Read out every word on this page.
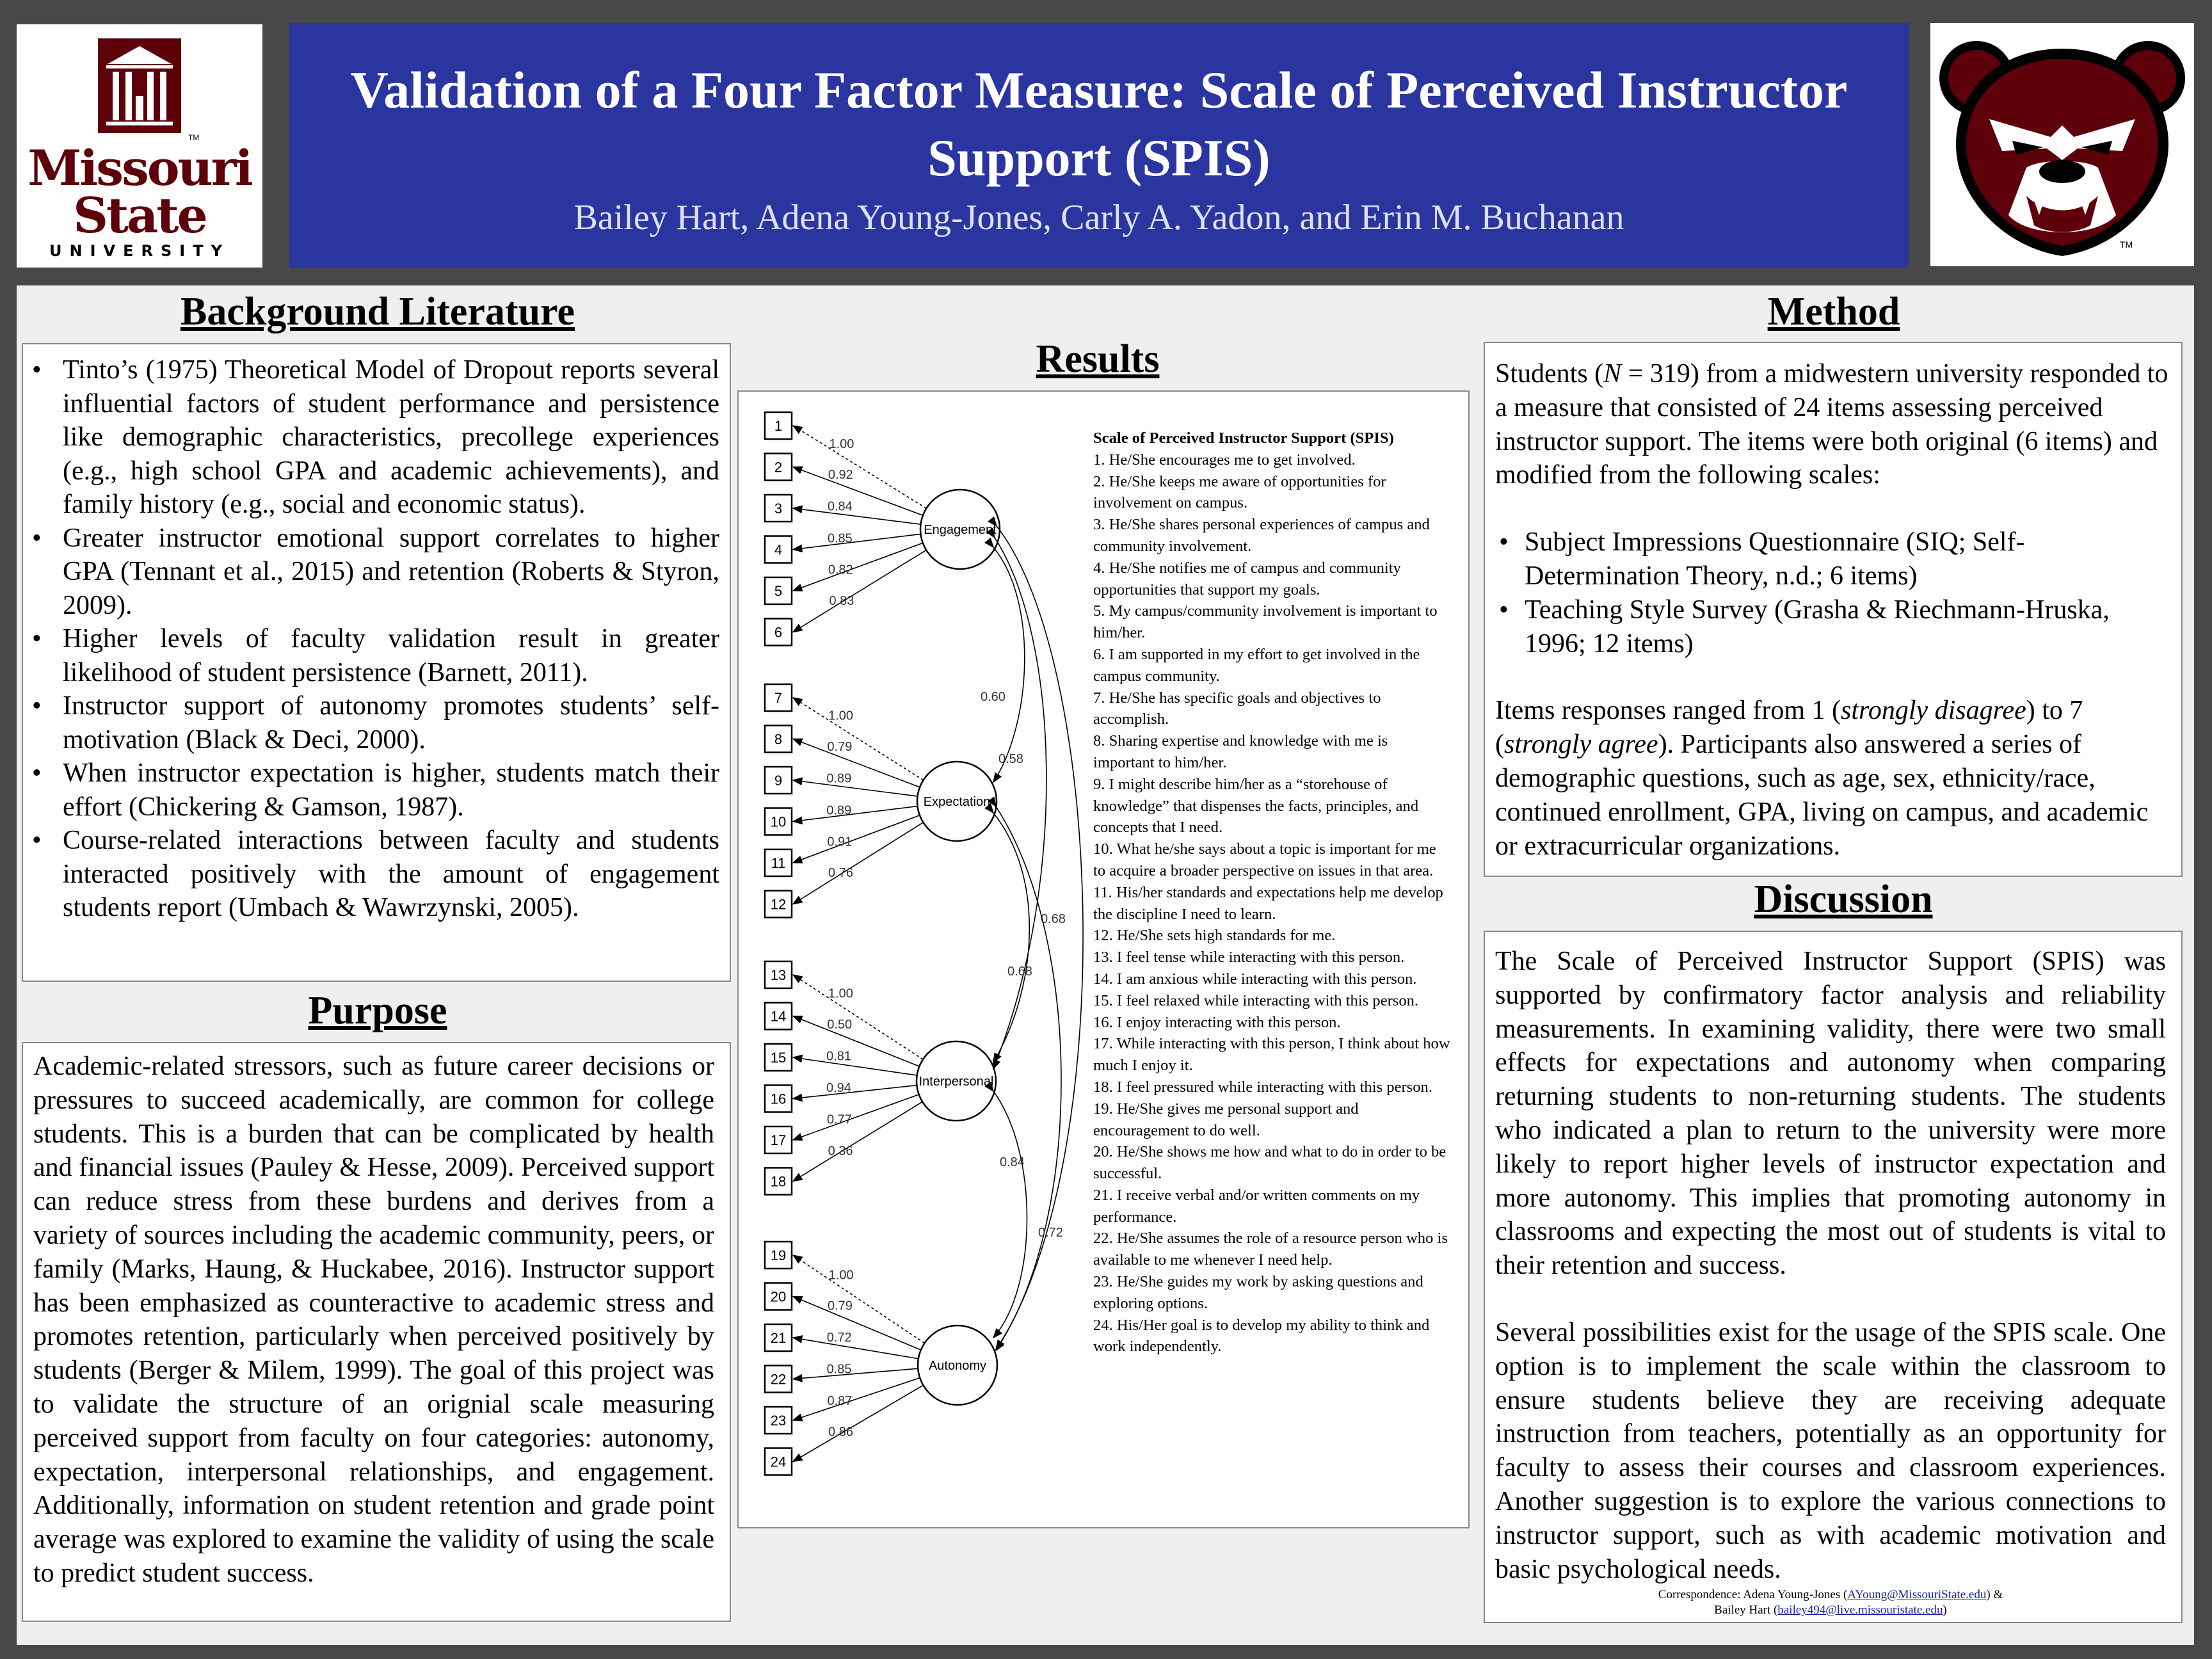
Missouri
State
UNIVERSITY
TM
Validation of a Four Factor Measure: Scale of Perceived Instructor Support (SPIS)
Bailey Hart, Adena Young-Jones, Carly A. Yadon, and Erin M. Buchanan
TM
Background Literature
• Tinto’s (1975) Theoretical Model of Dropout reports several influential factors of student performance and persistence like demographic characteristics, precollege experiences (e.g., high school GPA and academic achievements), and family history (e.g., social and economic status).
• Greater instructor emotional support correlates to higher GPA (Tennant et al., 2015) and retention (Roberts & Styron, 2009).
• Higher levels of faculty validation result in greater likelihood of student persistence (Barnett, 2011).
• Instructor support of autonomy promotes students’ self-motivation (Black & Deci, 2000).
• When instructor expectation is higher, students match their effort (Chickering & Gamson, 1987).
• Course-related interactions between faculty and students interacted positively with the amount of engagement students report (Umbach & Wawrzynski, 2005).
Purpose

Academic-related stressors, such as future career decisions or pressures to succeed academically, are common for college students. This is a burden that can be complicated by health and financial issues (Pauley & Hesse, 2009). Perceived support can reduce stress from these burdens and derives from a variety of sources including the academic community, peers, or family (Marks, Haung, & Huckabee, 2016). Instructor support has been emphasized as counteractive to academic stress and promotes retention, particularly when perceived positively by students (Berger & Milem, 1999). The goal of this project was to validate the structure of an orignial scale measuring perceived support from faculty on four categories: autonomy, expectation, interpersonal relationships, and engagement. Additionally, information on student retention and grade point average was explored to examine the validity of using the scale to predict student success.

Results
1
1.00
2	0.92
3	0.84
4
0.85
5
0.82
6
0.83
Engagement
7
1.00
8	0.79
9	0.89
10
0.89
11
0.91
12
0.76
Expectation
13
1.00
14
0.50
15	0.81
16
0.94
17
0.77
18
0.36
Interpersonal
19
1.00
20
0.79
21	0.72
22
0.85
23
0.87
24
0.86
Autonomy
0.60
0.58
0.68
0.68
0.84
0.72
Scale of Perceived Instructor Support (SPIS)
1. He/She encourages me to get involved.
2. He/She keeps me aware of opportunities for involvement on campus.
3. He/She shares personal experiences of campus and community involvement.
4. He/She notifies me of campus and community opportunities that support my goals.
5. My campus/community involvement is important to him/her.
6. I am supported in my effort to get involved in the campus community.
7. He/She has specific goals and objectives to accomplish.
8. Sharing expertise and knowledge with me is important to him/her.
9. I might describe him/her as a “storehouse of knowledge” that dispenses the facts, principles, and concepts that I need.
10. What he/she says about a topic is important for me to acquire a broader perspective on issues in that area.
11. His/her standards and expectations help me develop the discipline I need to learn.
12. He/She sets high standards for me.
13. I feel tense while interacting with this person.
14. I am anxious while interacting with this person.
15. I feel relaxed while interacting with this person.
16. I enjoy interacting with this person.
17. While interacting with this person, I think about how much I enjoy it.
18. I feel pressured while interacting with this person.
19. He/She gives me personal support and encouragement to do well.
20. He/She shows me how and what to do in order to be successful.
21. I receive verbal and/or written comments on my performance.
22. He/She assumes the role of a resource person who is available to me whenever I need help.
23. He/She guides my work by asking questions and exploring options.
24. His/Her goal is to develop my ability to think and work independently.
Method

Students (N = 319) from a midwestern university responded to a measure that consisted of 24 items assessing perceived instructor support. The items were both original (6 items) and modified from the following scales:

• Subject Impressions Questionnaire (SIQ; Self-Determination Theory, n.d.; 6 items)
• Teaching Style Survey (Grasha & Riechmann-Hruska, 1996; 12 items)

Items responses ranged from 1 (strongly disagree) to 7 (strongly agree). Participants also answered a series of demographic questions, such as age, sex, ethnicity/race, continued enrollment, GPA, living on campus, and academic or extracurricular organizations.

Discussion

The Scale of Perceived Instructor Support (SPIS) was supported by confirmatory factor analysis and reliability measurements. In examining validity, there were two small effects for expectations and autonomy when comparing returning students to non-returning students. The students who indicated a plan to return to the university were more likely to report higher levels of instructor expectation and more autonomy. This implies that promoting autonomy in classrooms and expecting the most out of students is vital to their retention and success.

Several possibilities exist for the usage of the SPIS scale. One option is to implement the scale within the classroom to ensure students believe they are receiving adequate instruction from teachers, potentially as an opportunity for faculty to assess their courses and classroom experiences. Another suggestion is to explore the various connections to instructor support, such as with academic motivation and basic psychological needs.

Correspondence: Adena Young-Jones (AYoung@MissouriState.edu) &
Bailey Hart (bailey494@live.missouristate.edu)
